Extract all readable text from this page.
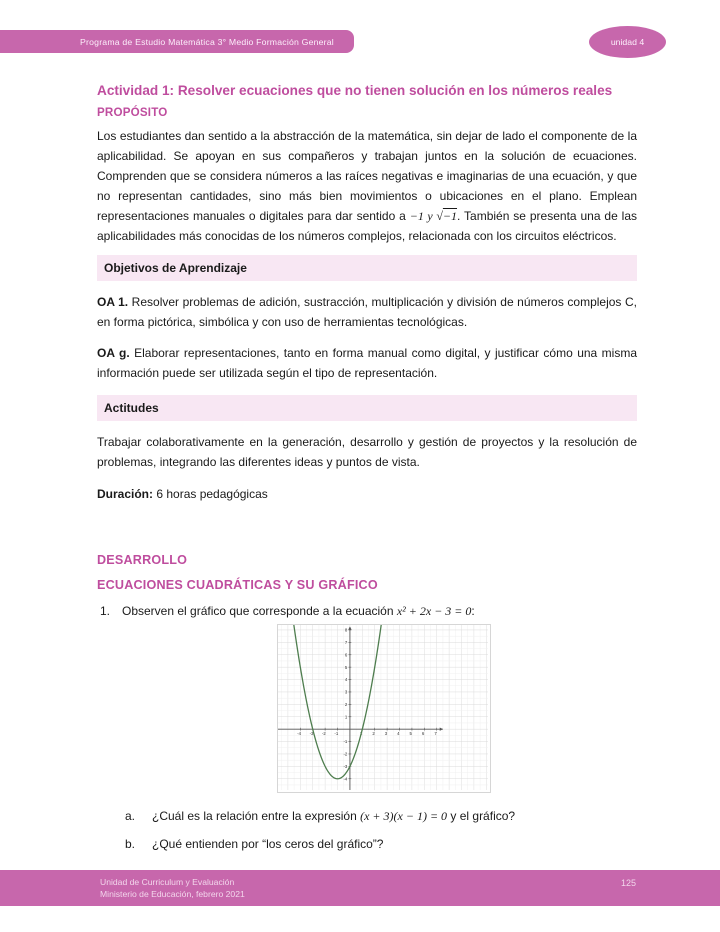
Programa de Estudio Matemática 3° Medio Formación General	unidad 4
Actividad 1: Resolver ecuaciones que no tienen solución en los números reales
PROPÓSITO
Los estudiantes dan sentido a la abstracción de la matemática, sin dejar de lado el componente de la aplicabilidad. Se apoyan en sus compañeros y trabajan juntos en la solución de ecuaciones. Comprenden que se considera números a las raíces negativas e imaginarias de una ecuación, y que no representan cantidades, sino más bien movimientos o ubicaciones en el plano. Emplean representaciones manuales o digitales para dar sentido a −1 y √−1. También se presenta una de las aplicabilidades más conocidas de los números complejos, relacionada con los circuitos eléctricos.
Objetivos de Aprendizaje
OA 1. Resolver problemas de adición, sustracción, multiplicación y división de números complejos C, en forma pictórica, simbólica y con uso de herramientas tecnológicas.
OA g. Elaborar representaciones, tanto en forma manual como digital, y justificar cómo una misma información puede ser utilizada según el tipo de representación.
Actitudes
Trabajar colaborativamente en la generación, desarrollo y gestión de proyectos y la resolución de problemas, integrando las diferentes ideas y puntos de vista.
Duración: 6 horas pedagógicas
DESARROLLO
ECUACIONES CUADRÁTICAS Y SU GRÁFICO
1. Observen el gráfico que corresponde a la ecuación x² + 2x − 3 = 0:
-4 -3 -2 -1	1 2 3 4 5 6 7
-4
-3
-2
-1
1
2
3
4
5
6
7
8
a.	¿Cuál es la relación entre la expresión (x + 3)(x − 1) = 0 y el gráfico?
b.	¿Qué entienden por “los ceros del gráfico”?
Unidad de Curriculum y Evaluación
Ministerio de Educación, febrero 2021
125
